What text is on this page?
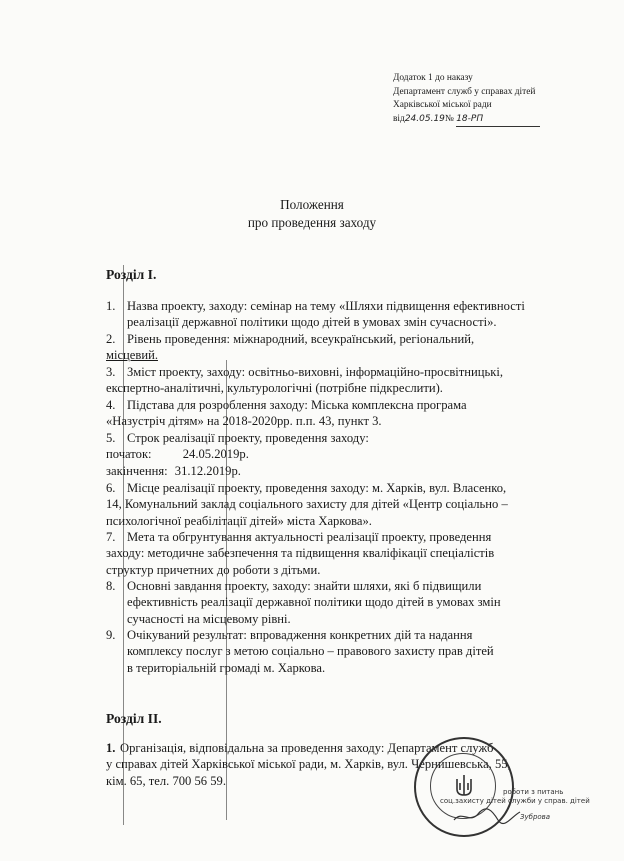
Додаток 1 до наказу
Департамент служб у справах дітей
Харківської міської ради
від24.05.19№ 18-РП
Положення
про проведення заходу
Розділ I.
1. Назва проекту, заходу: семінар на тему «Шляхи підвищення ефективності
реалізації державної політики щодо дітей в умовах змін сучасності».
2. Рівень проведення: міжнародний, всеукраїнський, регіональний,
місцевий.
3. Зміст проекту, заходу: освітньо-виховні, інформаційно-просвітницькі,
експертно-аналітичні, культурологічні (потрібне підкреслити).
4. Підстава для розроблення заходу: Міська комплексна програма
«Назустріч дітям» на 2018-2020рр. п.п. 43, пункт 3.
5. Строк реалізації проекту, проведення заходу:
початок: 24.05.2019р.
закінчення: 31.12.2019р.
6. Місце реалізації проекту, проведення заходу: м. Харків, вул. Власенко,
14, Комунальний заклад соціального захисту для дітей «Центр соціально –
психологічної реабілітації дітей» міста Харкова».
7. Мета та обгрунтування актуальності реалізації проекту, проведення
заходу: методичне забезпечення та підвищення кваліфікації спеціалістів
структур причетних до роботи з дітьми.
8. Основні завдання проекту, заходу: знайти шляхи, які б підвищили
ефективність реалізації державної політики щодо дітей в умовах змін
сучасності на місцевому рівні.
9. Очікуваний результат: впровадження конкретних дій та надання
комплексу послуг з метою соціально – правового захисту прав дітей
в територіальній громаді м. Харкова.
Розділ II.
1. Організація, відповідальна за проведення заходу: Департамент служб
у справах дітей Харківської міської ради, м. Харків, вул. Чернишевська, 55,
кім. 65, тел. 700 56 59.
роботи з питань
соц.захисту дітей служби у справ. дітей
Зуброва
